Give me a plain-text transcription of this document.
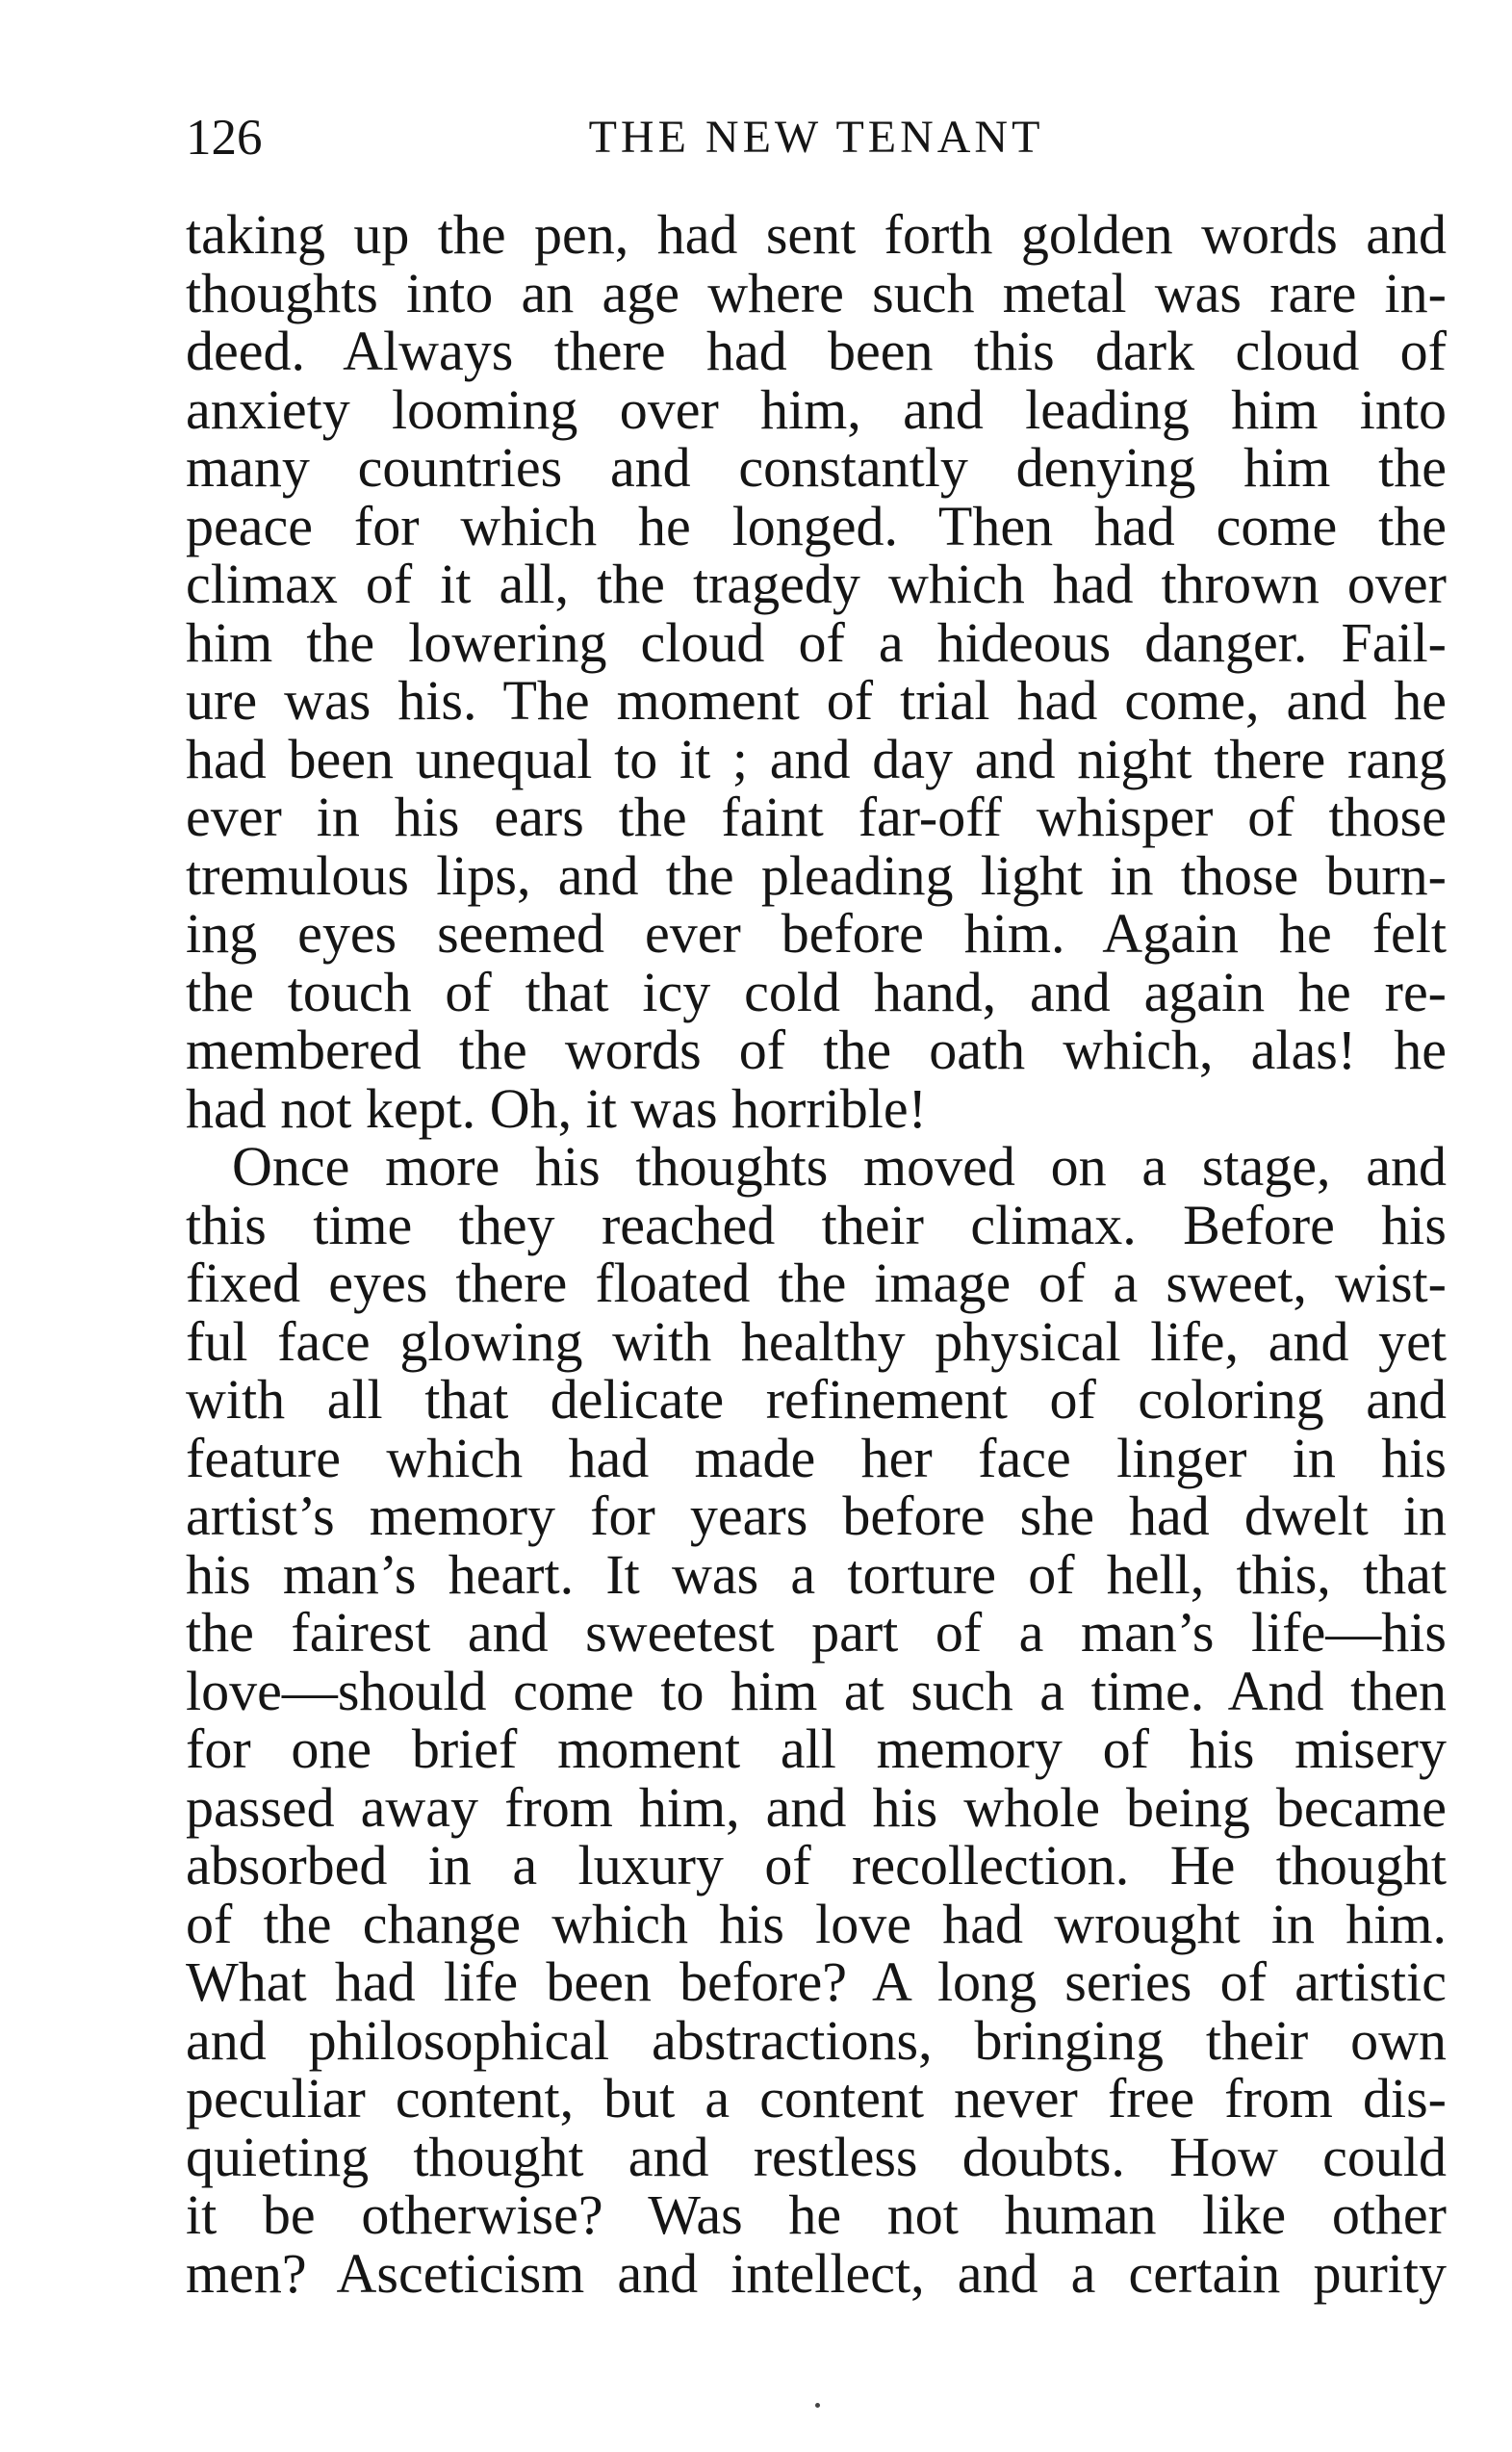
126	THE NEW TENANT
taking up the pen, had sent forth golden words and
thoughts into an age where such metal was rare in-
deed. Always there had been this dark cloud of
anxiety looming over him, and leading him into
many countries and constantly denying him the
peace for which he longed. Then had come the
climax of it all, the tragedy which had thrown over
him the lowering cloud of a hideous danger. Fail-
ure was his. The moment of trial had come, and he
had been unequal to it ; and day and night there rang
ever in his ears the faint far-off whisper of those
tremulous lips, and the pleading light in those burn-
ing eyes seemed ever before him. Again he felt
the touch of that icy cold hand, and again he re-
membered the words of the oath which, alas! he
had not kept. Oh, it was horrible!
Once more his thoughts moved on a stage, and
this time they reached their climax. Before his
fixed eyes there floated the image of a sweet, wist-
ful face glowing with healthy physical life, and yet
with all that delicate refinement of coloring and
feature which had made her face linger in his
artist’s memory for years before she had dwelt in
his man’s heart. It was a torture of hell, this, that
the fairest and sweetest part of a man’s life—his
love—should come to him at such a time. And then
for one brief moment all memory of his misery
passed away from him, and his whole being became
absorbed in a luxury of recollection. He thought
of the change which his love had wrought in him.
What had life been before? A long series of artistic
and philosophical abstractions, bringing their own
peculiar content, but a content never free from dis-
quieting thought and restless doubts. How could
it be otherwise? Was he not human like other
men? Asceticism and intellect, and a certain purity
